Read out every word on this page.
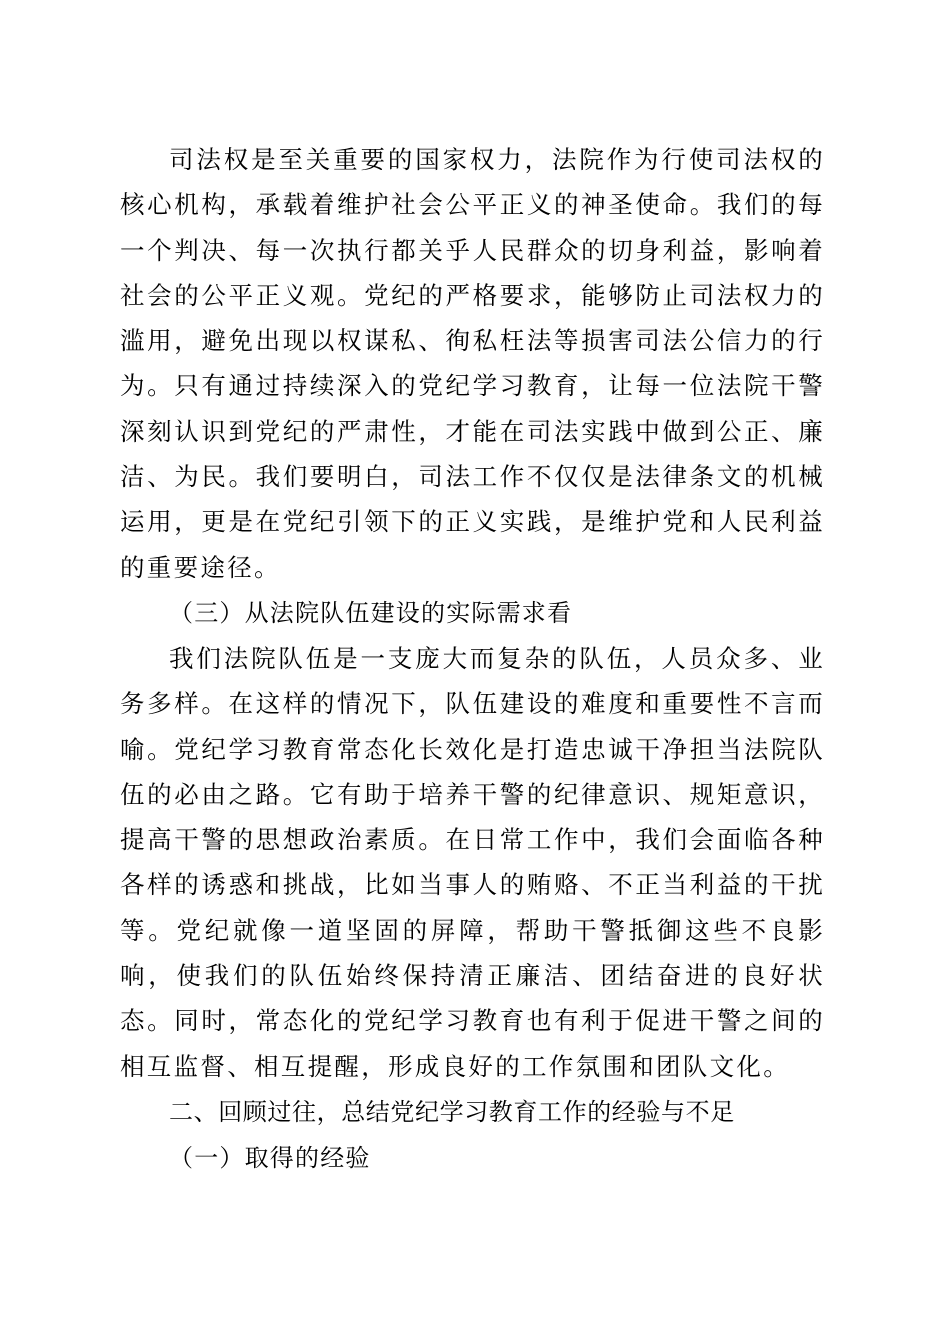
司法权是至关重要的国家权力，法院作为行使司法权的核心机构，承载着维护社会公平正义的神圣使命。我们的每一个判决、每一次执行都关乎人民群众的切身利益，影响着社会的公平正义观。党纪的严格要求，能够防止司法权力的滥用，避免出现以权谋私、徇私枉法等损害司法公信力的行为。只有通过持续深入的党纪学习教育，让每一位法院干警深刻认识到党纪的严肃性，才能在司法实践中做到公正、廉洁、为民。我们要明白，司法工作不仅仅是法律条文的机械运用，更是在党纪引领下的正义实践，是维护党和人民利益的重要途径。

（三）从法院队伍建设的实际需求看

我们法院队伍是一支庞大而复杂的队伍，人员众多、业务多样。在这样的情况下，队伍建设的难度和重要性不言而喻。党纪学习教育常态化长效化是打造忠诚干净担当法院队伍的必由之路。它有助于培养干警的纪律意识、规矩意识，提高干警的思想政治素质。在日常工作中，我们会面临各种各样的诱惑和挑战，比如当事人的贿赂、不正当利益的干扰等。党纪就像一道坚固的屏障，帮助干警抵御这些不良影响，使我们的队伍始终保持清正廉洁、团结奋进的良好状态。同时，常态化的党纪学习教育也有利于促进干警之间的相互监督、相互提醒，形成良好的工作氛围和团队文化。

二、回顾过往，总结党纪学习教育工作的经验与不足

（一）取得的经验
